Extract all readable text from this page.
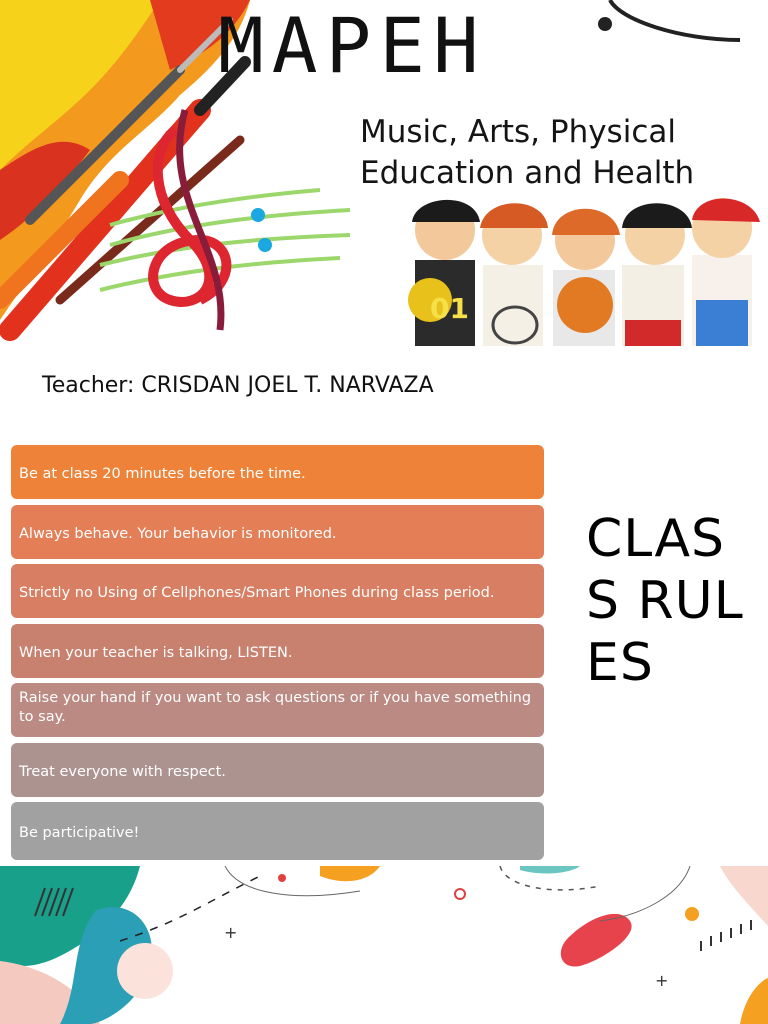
01
MAPEH
Music, Arts, Physical
Education and Health
Teacher: CRISDAN JOEL T. NARVAZA
Be at class 20 minutes before the time.
Always behave. Your behavior is monitored.
Strictly no Using of Cellphones/Smart Phones during class period.
When your teacher is talking, LISTEN.
Raise your hand if you want to ask questions or if you have something to say.
Treat everyone with respect.
Be participative!
CLASS RULES
+
+
